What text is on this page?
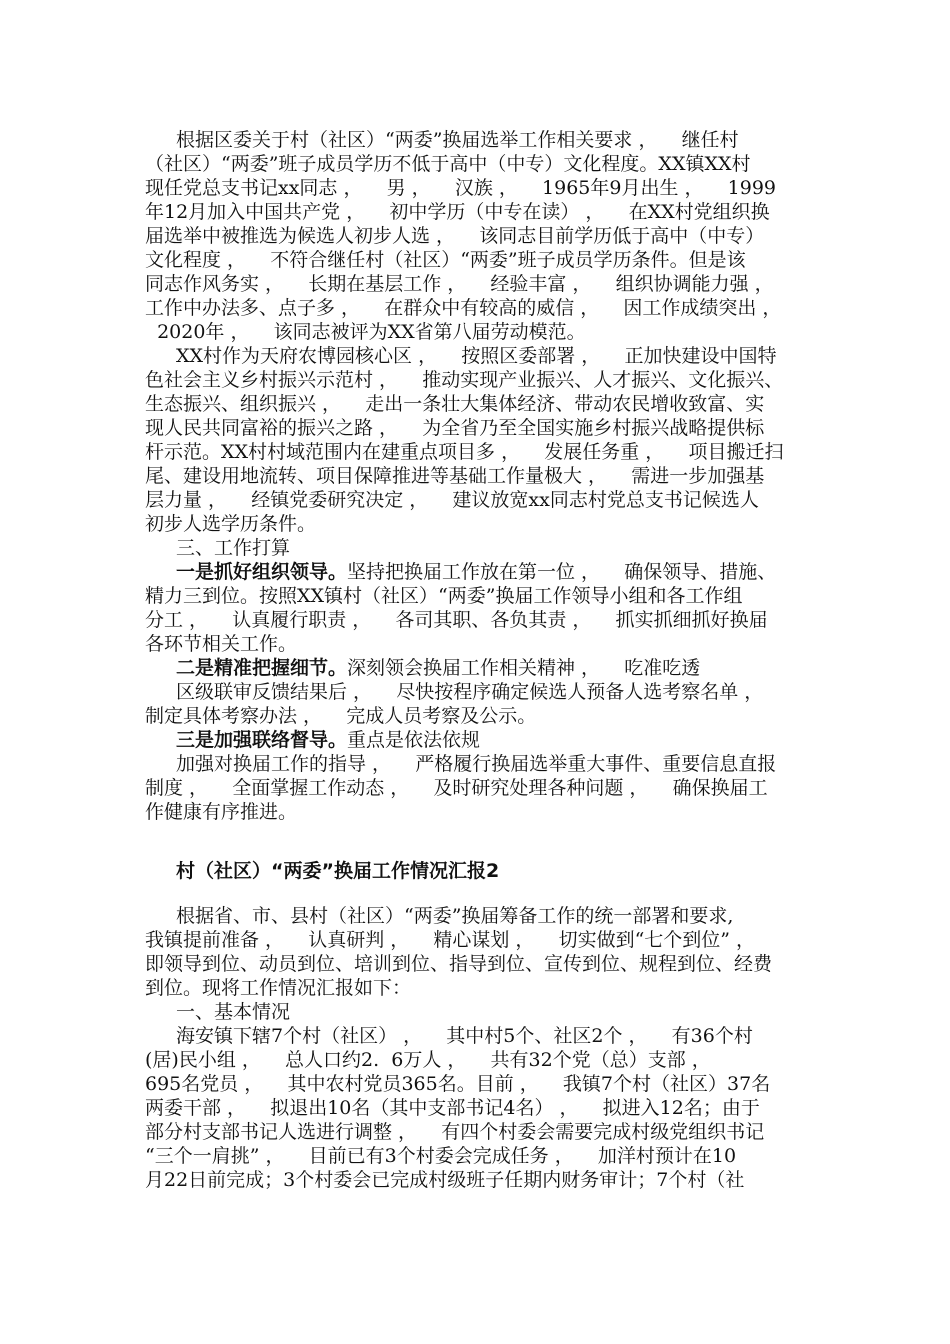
根据区委关于村（社区）“两委”换届选举工作相关要求 ，    继任村
（社区）“两委”班子成员学历不低于高中（中专）文化程度。XX镇XX村
现任党总支书记xx同志 ，    男 ，    汉族 ，    1965年9月出生 ，    1999
年12月加入中国共产党 ，    初中学历（中专在读） ，    在XX村党组织换
届选举中被推选为候选人初步人选 ，    该同志目前学历低于高中（中专）
文化程度 ，    不符合继任村（社区）“两委”班子成员学历条件。但是该
同志作风务实 ，    长期在基层工作 ，    经验丰富 ，    组织协调能力强 ，
工作中办法多、点子多 ，    在群众中有较高的威信 ，    因工作成绩突出 ，
2020年 ，    该同志被评为XX省第八届劳动模范。
XX村作为天府农博园核心区 ，    按照区委部署 ，    正加快建设中国特
色社会主义乡村振兴示范村 ，    推动实现产业振兴、人才振兴、文化振兴、
生态振兴、组织振兴 ，    走出一条壮大集体经济、带动农民增收致富、实
现人民共同富裕的振兴之路 ，    为全省乃至全国实施乡村振兴战略提供标
杆示范。XX村村域范围内在建重点项目多 ，    发展任务重 ，    项目搬迁扫
尾、建设用地流转、项目保障推进等基础工作量极大 ，    需进一步加强基
层力量 ，    经镇党委研究决定 ，    建议放宽xx同志村党总支书记候选人
初步人选学历条件。
三、工作打算
一是抓好组织领导。坚持把换届工作放在第一位 ，    确保领导、措施、
精力三到位。按照XX镇村（社区）“两委”换届工作领导小组和各工作组
分工 ，    认真履行职责 ，    各司其职、各负其责 ，    抓实抓细抓好换届
各环节相关工作。
二是精准把握细节。深刻领会换届工作相关精神 ，    吃准吃透
区级联审反馈结果后 ，    尽快按程序确定候选人预备人选考察名单 ，
制定具体考察办法 ，    完成人员考察及公示。
三是加强联络督导。重点是依法依规
加强对换届工作的指导 ，    严格履行换届选举重大事件、重要信息直报
制度 ，    全面掌握工作动态 ，    及时研究处理各种问题 ，    确保换届工
作健康有序推进。
村（社区）“两委”换届工作情况汇报2
根据省、市、县村（社区）“两委”换届筹备工作的统一部署和要求,
我镇提前准备 ，    认真研判 ，    精心谋划 ，    切实做到“七个到位” ，
即领导到位、动员到位、培训到位、指导到位、宣传到位、规程到位、经费
到位。现将工作情况汇报如下：
一、基本情况
海安镇下辖7个村（社区） ，    其中村5个、社区2个 ，    有36个村
(居)民小组 ，    总人口约2.  6万人 ，    共有32个党（总）支部 ，
695名党员 ，    其中农村党员365名。目前 ，    我镇7个村（社区）37名
两委干部 ，    拟退出10名（其中支部书记4名） ，    拟进入12名；由于
部分村支部书记人选进行调整 ，    有四个村委会需要完成村级党组织书记
“三个一肩挑” ，    目前已有3个村委会完成任务 ，    加洋村预计在10
月22日前完成；3个村委会已完成村级班子任期内财务审计；7个村（社
